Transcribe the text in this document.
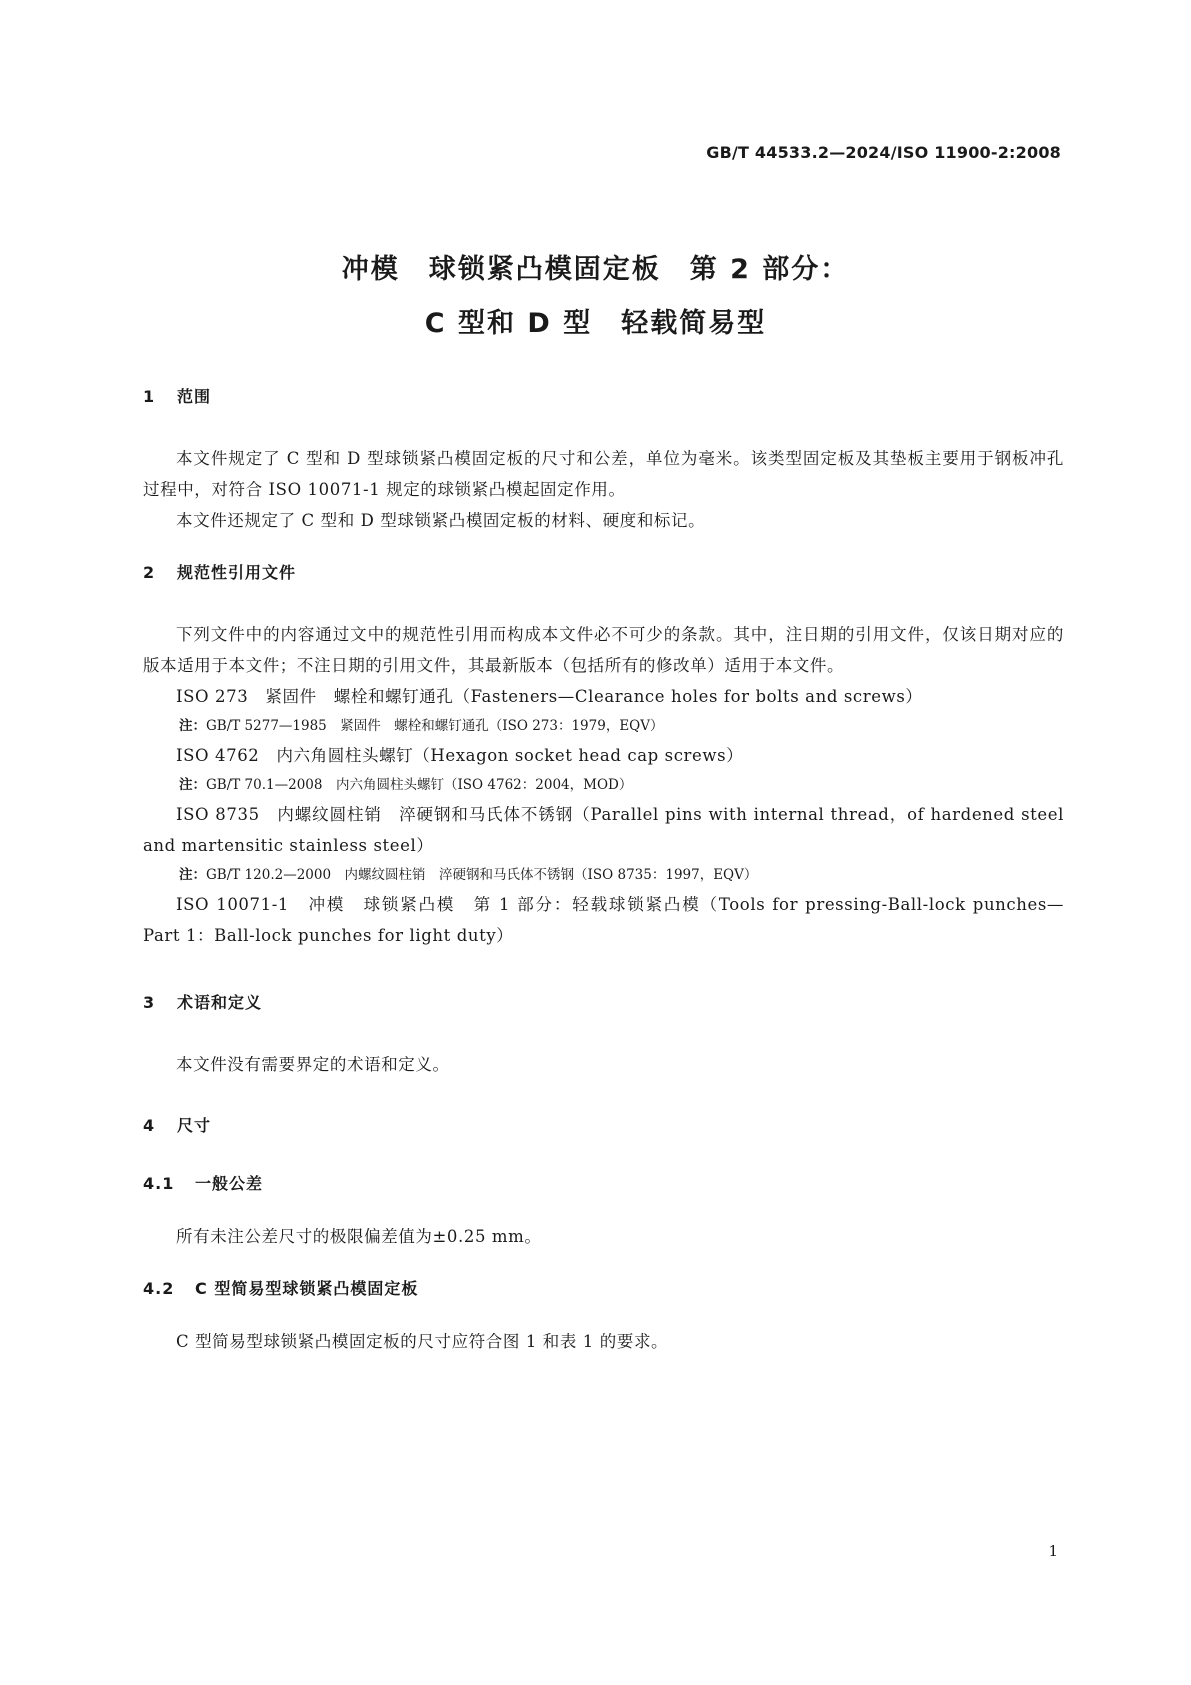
GB/T 44533.2—2024/ISO 11900-2:2008
冲模　球锁紧凸模固定板　第 2 部分：
C 型和 D 型　轻载简易型
1	范围
本文件规定了 C 型和 D 型球锁紧凸模固定板的尺寸和公差，单位为毫米。该类型固定板及其垫板主要用于钢板冲孔过程中，对符合 ISO 10071-1 规定的球锁紧凸模起固定作用。
本文件还规定了 C 型和 D 型球锁紧凸模固定板的材料、硬度和标记。
2	规范性引用文件
下列文件中的内容通过文中的规范性引用而构成本文件必不可少的条款。其中，注日期的引用文件，仅该日期对应的版本适用于本文件；不注日期的引用文件，其最新版本（包括所有的修改单）适用于本文件。
ISO 273　紧固件　螺栓和螺钉通孔（Fasteners—Clearance holes for bolts and screws）
注：GB/T 5277—1985　紧固件　螺栓和螺钉通孔（ISO 273：1979，EQV）
ISO 4762　内六角圆柱头螺钉（Hexagon socket head cap screws）
注：GB/T 70.1—2008　内六角圆柱头螺钉（ISO 4762：2004，MOD）
ISO 8735　内螺纹圆柱销　淬硬钢和马氏体不锈钢（Parallel pins with internal thread，of hardened steel and martensitic stainless steel）
注：GB/T 120.2—2000　内螺纹圆柱销　淬硬钢和马氏体不锈钢（ISO 8735：1997，EQV）
ISO 10071-1　冲模　球锁紧凸模　第 1 部分：轻载球锁紧凸模（Tools for pressing-Ball-lock punches—Part 1：Ball-lock punches for light duty）
3	术语和定义
本文件没有需要界定的术语和定义。
4	尺寸
4.1	一般公差
所有未注公差尺寸的极限偏差值为±0.25 mm。
4.2	C 型简易型球锁紧凸模固定板
C 型简易型球锁紧凸模固定板的尺寸应符合图 1 和表 1 的要求。
1
